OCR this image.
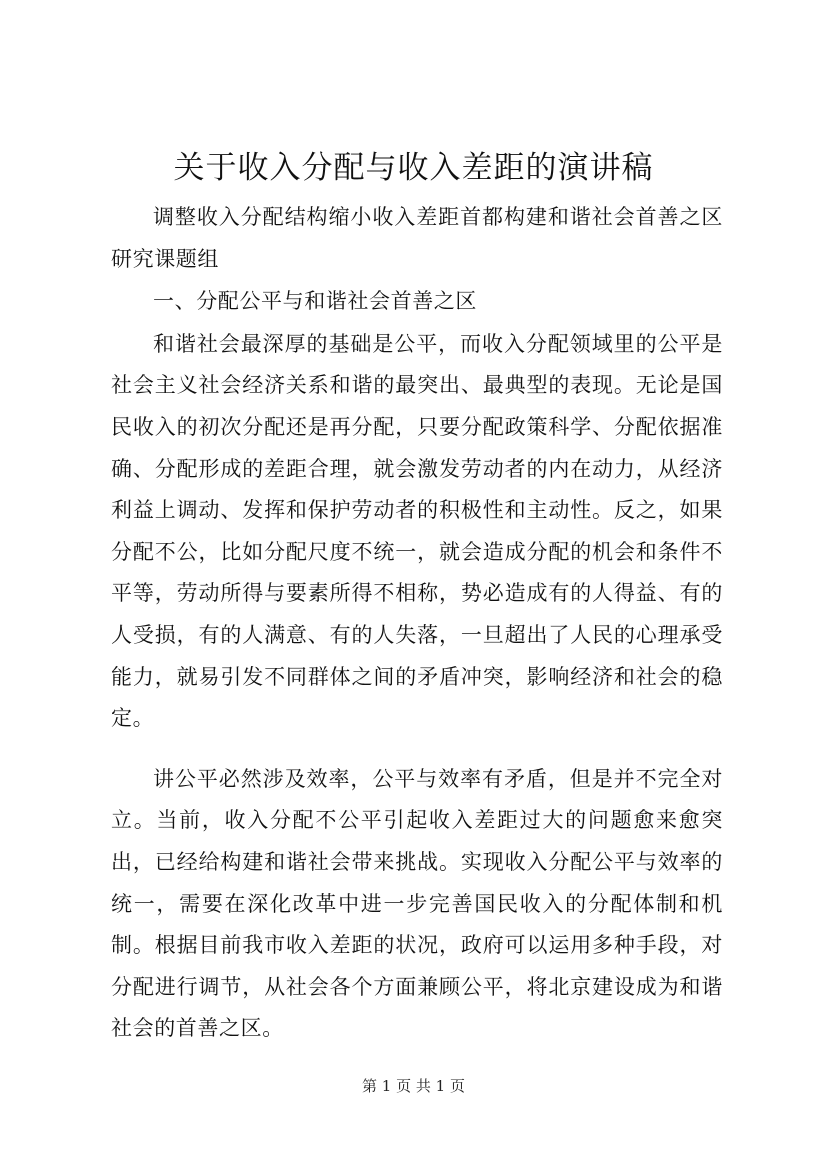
关于收入分配与收入差距的演讲稿

调整收入分配结构缩小收入差距首都构建和谐社会首善之区研究课题组

一、分配公平与和谐社会首善之区

和谐社会最深厚的基础是公平，而收入分配领域里的公平是社会主义社会经济关系和谐的最突出、最典型的表现。无论是国民收入的初次分配还是再分配，只要分配政策科学、分配依据准确、分配形成的差距合理，就会激发劳动者的内在动力，从经济利益上调动、发挥和保护劳动者的积极性和主动性。反之，如果分配不公，比如分配尺度不统一，就会造成分配的机会和条件不平等，劳动所得与要素所得不相称，势必造成有的人得益、有的人受损，有的人满意、有的人失落，一旦超出了人民的心理承受能力，就易引发不同群体之间的矛盾冲突，影响经济和社会的稳定。

讲公平必然涉及效率，公平与效率有矛盾，但是并不完全对立。当前，收入分配不公平引起收入差距过大的问题愈来愈突出，已经给构建和谐社会带来挑战。实现收入分配公平与效率的统一，需要在深化改革中进一步完善国民收入的分配体制和机制。根据目前我市收入差距的状况，政府可以运用多种手段，对分配进行调节，从社会各个方面兼顾公平，将北京建设成为和谐社会的首善之区。

第 1 页 共 1 页
